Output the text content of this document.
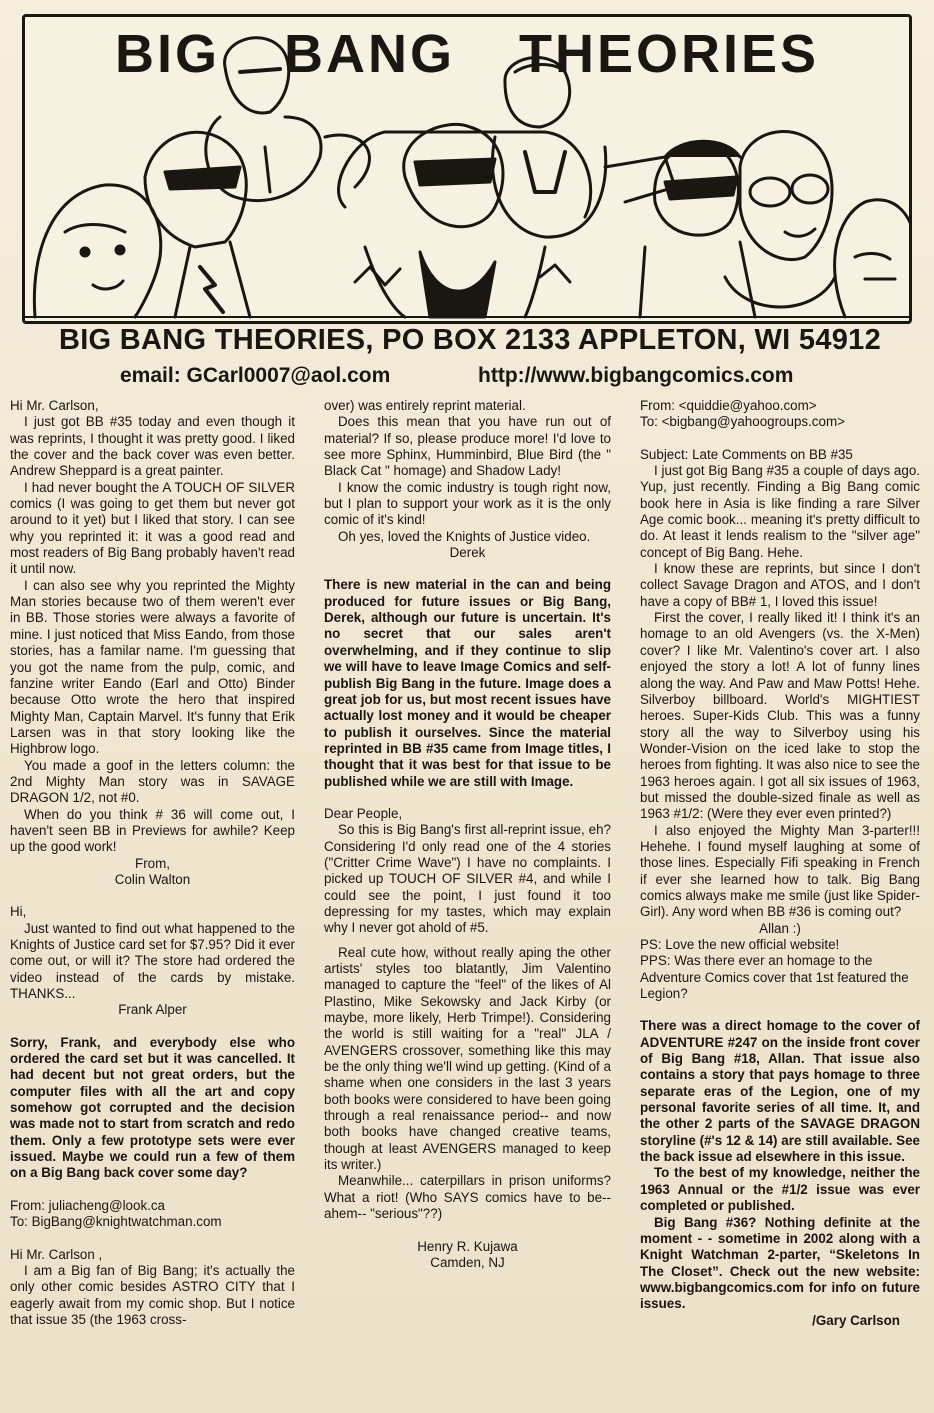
BIG BANG THEORIES
BIG BANG THEORIES, PO BOX 2133 APPLETON, WI 54912
email: GCarl0007@aol.com	http://www.bigbangcomics.com

Hi Mr. Carlson,

I just got BB #35 today and even though it was reprints, I thought it was pretty good. I liked the cover and the back cover was even better. Andrew Sheppard is a great painter.

I had never bought the A TOUCH OF SILVER comics (I was going to get them but never got around to it yet) but I liked that story. I can see why you reprinted it: it was a good read and most readers of Big Bang probably haven't read it until now.

I can also see why you reprinted the Mighty Man stories because two of them weren't ever in BB. Those stories were always a favorite of mine. I just noticed that Miss Eando, from those stories, has a familar name. I'm guessing that you got the name from the pulp, comic, and fanzine writer Eando (Earl and Otto) Binder because Otto wrote the hero that inspired Mighty Man, Captain Marvel. It's funny that Erik Larsen was in that story looking like the Highbrow logo.

You made a goof in the letters column: the 2nd Mighty Man story was in SAVAGE DRAGON 1/2, not #0.

When do you think # 36 will come out, I haven't seen BB in Previews for awhile? Keep up the good work!

From,

Colin Walton

Hi,

Just wanted to find out what happened to the Knights of Justice card set for $7.95? Did it ever come out, or will it? The store had ordered the video instead of the cards by mistake. THANKS...

Frank Alper

Sorry, Frank, and everybody else who ordered the card set but it was cancelled. It had decent but not great orders, but the computer files with all the art and copy somehow got corrupted and the decision was made not to start from scratch and redo them. Only a few prototype sets were ever issued. Maybe we could run a few of them on a Big Bang back cover some day?

From: juliacheng@look.ca

To: BigBang@knightwatchman.com

Hi Mr. Carlson ,

I am a Big fan of Big Bang; it's actually the only other comic besides ASTRO CITY that I eagerly await from my comic shop. But I notice that issue 35 (the 1963 cross-

over) was entirely reprint material.

Does this mean that you have run out of material? If so, please produce more! I'd love to see more Sphinx, Humminbird, Blue Bird (the " Black Cat " homage) and Shadow Lady!

I know the comic industry is tough right now, but I plan to support your work as it is the only comic of it's kind!

Oh yes, loved the Knights of Justice video.

Derek

There is new material in the can and being produced for future issues or Big Bang, Derek, although our future is uncertain. It's no secret that our sales aren't overwhelming, and if they continue to slip we will have to leave Image Comics and self-publish Big Bang in the future. Image does a great job for us, but most recent issues have actually lost money and it would be cheaper to publish it ourselves. Since the material reprinted in BB #35 came from Image titles, I thought that it was best for that issue to be published while we are still with Image.

Dear People,

So this is Big Bang's first all-reprint issue, eh? Considering I'd only read one of the 4 stories ("Critter Crime Wave") I have no complaints. I picked up TOUCH OF SILVER #4, and while I could see the point, I just found it too depressing for my tastes, which may explain why I never got ahold of #5.

Real cute how, without really aping the other artists' styles too blatantly, Jim Valentino managed to capture the "feel" of the likes of Al Plastino, Mike Sekowsky and Jack Kirby (or maybe, more likely, Herb Trimpe!). Considering the world is still waiting for a "real" JLA / AVENGERS crossover, something like this may be the only thing we'll wind up getting. (Kind of a shame when one considers in the last 3 years both books were considered to have been going through a real renaissance period-- and now both books have changed creative teams, though at least AVENGERS managed to keep its writer.)

Meanwhile... caterpillars in prison uniforms? What a riot! (Who SAYS comics have to be-- ahem-- "serious"??)

Henry R. Kujawa

Camden, NJ

From: <quiddie@yahoo.com>

To: <bigbang@yahoogroups.com>

Subject: Late Comments on BB #35

I just got Big Bang #35 a couple of days ago. Yup, just recently. Finding a Big Bang comic book here in Asia is like finding a rare Silver Age comic book... meaning it's pretty difficult to do. At least it lends realism to the "silver age" concept of Big Bang. Hehe.

I know these are reprints, but since I don't collect Savage Dragon and ATOS, and I don't have a copy of BB# 1, I loved this issue!

First the cover, I really liked it! I think it's an homage to an old Avengers (vs. the X-Men) cover? I like Mr. Valentino's cover art. I also enjoyed the story a lot! A lot of funny lines along the way. And Paw and Maw Potts! Hehe. Silverboy billboard. World's MIGHTIEST heroes. Super-Kids Club. This was a funny story all the way to Silverboy using his Wonder-Vision on the iced lake to stop the heroes from fighting. It was also nice to see the 1963 heroes again. I got all six issues of 1963, but missed the double-sized finale as well as 1963 #1/2: (Were they ever even printed?)

I also enjoyed the Mighty Man 3-parter!!! Hehehe. I found myself laughing at some of those lines. Especially Fifi speaking in French if ever she learned how to talk. Big Bang comics always make me smile (just like Spider-Girl). Any word when BB #36 is coming out?

Allan :)

PS: Love the new official website!

PPS: Was there ever an homage to the Adventure Comics cover that 1st featured the Legion?

There was a direct homage to the cover of ADVENTURE #247 on the inside front cover of Big Bang #18, Allan. That issue also contains a story that pays homage to three separate eras of the Legion, one of my personal favorite series of all time. It, and the other 2 parts of the SAVAGE DRAGON storyline (#'s 12 & 14) are still available. See the back issue ad elsewhere in this issue.

To the best of my knowledge, neither the 1963 Annual or the #1/2 issue was ever completed or published.

Big Bang #36? Nothing definite at the moment - - sometime in 2002 along with a Knight Watchman 2-parter, “Skeletons In The Closet”. Check out the new website: www.bigbangcomics.com for info on future issues.

/Gary Carlson
